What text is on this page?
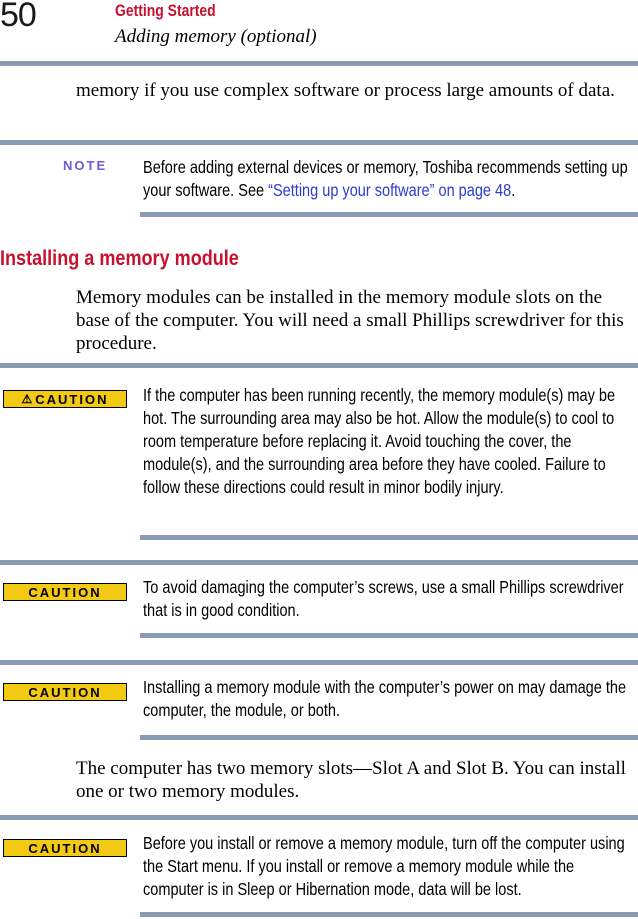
50	Getting Started
Adding memory (optional)

memory if you use complex software or process large amounts of data.

NOTE Before adding external devices or memory, Toshiba recommends setting up your software. See “Setting up your software” on page 48.

Installing a memory module

Memory modules can be installed in the memory module slots on the base of the computer. You will need a small Phillips screwdriver for this procedure.

⚠ CAUTION If the computer has been running recently, the memory module(s) may be hot. The surrounding area may also be hot. Allow the module(s) to cool to room temperature before replacing it. Avoid touching the cover, the module(s), and the surrounding area before they have cooled. Failure to follow these directions could result in minor bodily injury.

CAUTION To avoid damaging the computer’s screws, use a small Phillips screwdriver that is in good condition.

CAUTION Installing a memory module with the computer’s power on may damage the computer, the module, or both.

The computer has two memory slots—Slot A and Slot B. You can install one or two memory modules.

CAUTION Before you install or remove a memory module, turn off the computer using the Start menu. If you install or remove a memory module while the computer is in Sleep or Hibernation mode, data will be lost.
